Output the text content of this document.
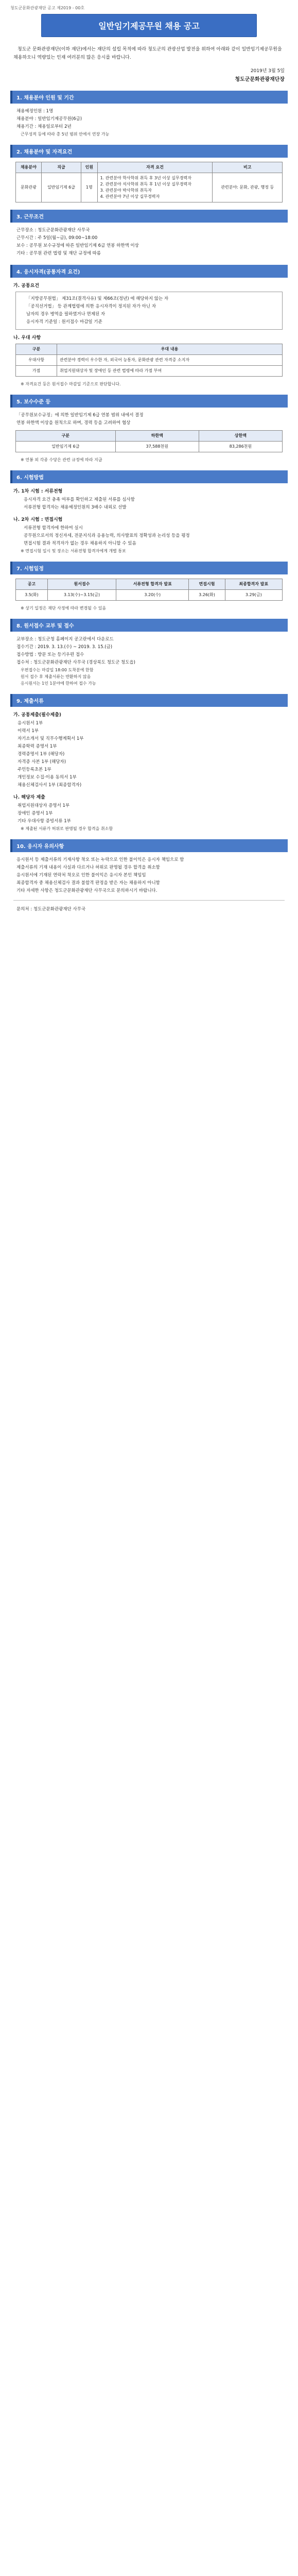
청도군문화관광재단 공고 제2019 - 00호
일반임기제공무원 채용 공고
청도군 문화관광재단(이하 재단)에서는 재단의 설립 목적에 따라 청도군의 관광산업 발전을 위하여 아래와 같이 일반임기제공무원을 채용하오니 역량있는 인재 여러분의 많은 응시를 바랍니다.
2019년 3월 5일
청도군문화관광재단장
1. 채용분야 인원 및 기간
채용예정인원 : 1명
채용분야 : 일반임기제공무원(6급)
채용기간 : 채용일로부터 2년
근무성적 등에 따라 총 5년 범위 안에서 연장 가능
2. 채용분야 및 자격요건
채용분야	직급	인원	자격 요건	비고
문화관광	일반임기제 6급	1명	1. 관련분야 학사학위 취득 후 3년 이상 실무경력자
2. 관련분야 석사학위 취득 후 1년 이상 실무경력자
3. 관련분야 박사학위 취득자
4. 관련분야 7년 이상 실무경력자	관련분야: 문화, 관광, 행정 등
3. 근무조건
근무장소 : 청도군문화관광재단 사무국
근무시간 : 주 5일(월~금), 09:00~18:00
보수 : 공무원 보수규정에 따른 일반임기제 6급 연봉 하한액 이상
기타 : 공무원 관련 법령 및 재단 규정에 따름
4. 응시자격(공통자격 요건)
가. 공통요건
「지방공무원법」 제31조(결격사유) 및 제66조(정년) 에 해당하지 않는 자
「공직선거법」 등 관계법령에 의한 응시자격이 정지된 자가 아닌 자
남자의 경우 병역을 필하였거나 면제된 자
응시자격 기준일 : 원서접수 마감일 기준
나. 우대 사항
구분	우대 내용
우대사항	관련분야 경력이 우수한 자, 외국어 능통자, 문화관광 관련 자격증 소지자
가점	취업지원대상자 및 장애인 등 관련 법령에 따라 가점 부여
※ 자격요건 등은 원서접수 마감일 기준으로 판단합니다.
5. 보수수준 등
「공무원보수규정」에 의한 일반임기제 6급 연봉 범위 내에서 결정
연봉 하한액 이상을 원칙으로 하며, 경력 등을 고려하여 협상
구분	하한액	상한액
일반임기제 6급	37,588천원	83,286천원
※ 연봉 외 각종 수당은 관련 규정에 따라 지급
6. 시험방법
가. 1차 시험 : 서류전형
응시자격 요건 충족 여부를 확인하고 제출된 서류를 심사함
서류전형 합격자는 채용예정인원의 3배수 내외로 선발
나. 2차 시험 : 면접시험
서류전형 합격자에 한하여 실시
공무원으로서의 정신자세, 전문지식과 응용능력, 의사발표의 정확성과 논리성 등을 평정
면접시험 결과 적격자가 없는 경우 채용하지 아니할 수 있음
※ 면접시험 일시 및 장소는 서류전형 합격자에게 개별 통보
7. 시험일정
공고	원서접수	서류전형 합격자 발표	면접시험	최종합격자 발표
3.5(화)	3.13(수)~3.15(금)	3.20(수)	3.26(화)	3.29(금)
※ 상기 일정은 재단 사정에 따라 변경될 수 있음
8. 원서접수 교부 및 접수
교부장소 : 청도군청 홈페이지 공고란에서 다운로드
접수기간 : 2019. 3. 13.(수) ~ 2019. 3. 15.(금)
접수방법 : 방문 또는 등기우편 접수
접수처 : 청도군문화관광재단 사무국 (경상북도 청도군 청도읍)
우편접수는 마감일 18:00 도착분에 한함
원서 접수 후 제출서류는 반환하지 않음
응시원서는 1인 1분야에 한하여 접수 가능
9. 제출서류
가. 공통제출(필수제출)
응시원서 1부
이력서 1부
자기소개서 및 직무수행계획서 1부
최종학력 증명서 1부
경력증명서 1부 (해당자)
자격증 사본 1부 (해당자)
주민등록초본 1부
개인정보 수집·이용 동의서 1부
채용신체검사서 1부 (최종합격자)
나. 해당자 제출
취업지원대상자 증명서 1부
장애인 증명서 1부
기타 우대사항 증빙서류 1부
※ 제출된 서류가 허위로 판명될 경우 합격을 취소함
10. 응시자 유의사항
응시원서 등 제출서류의 기재사항 착오 또는 누락으로 인한 불이익은 응시자 책임으로 함
제출서류의 기재 내용이 사실과 다르거나 허위로 판명될 경우 합격을 취소함
응시원서에 기재된 연락처 착오로 인한 불이익은 응시자 본인 책임임
최종합격자 중 채용신체검사 결과 불합격 판정을 받은 자는 채용하지 아니함
기타 자세한 사항은 청도군문화관광재단 사무국으로 문의하시기 바랍니다.
문의처 : 청도군문화관광재단 사무국
